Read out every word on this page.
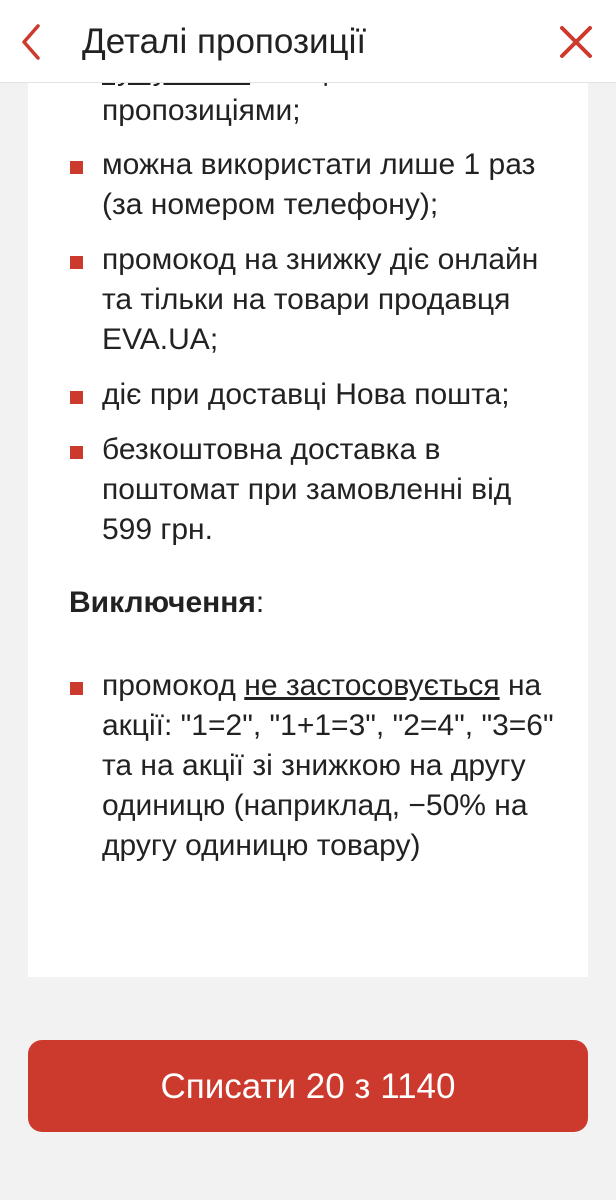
Деталі пропозиції
пропозиціями;
можна використати лише 1 раз (за номером телефону);
промокод на знижку діє онлайн та тільки на товари продавця EVA.UA;
діє при доставці Нова пошта;
безкоштовна доставка в поштомат при замовленні від 599 грн.
Виключення:
промокод не застосовується на акції: "1=2", "1+1=3", "2=4", "3=6" та на акції зі знижкою на другу одиницю (наприклад, −50% на другу одиницю товару)
Списати 20 з 1140
